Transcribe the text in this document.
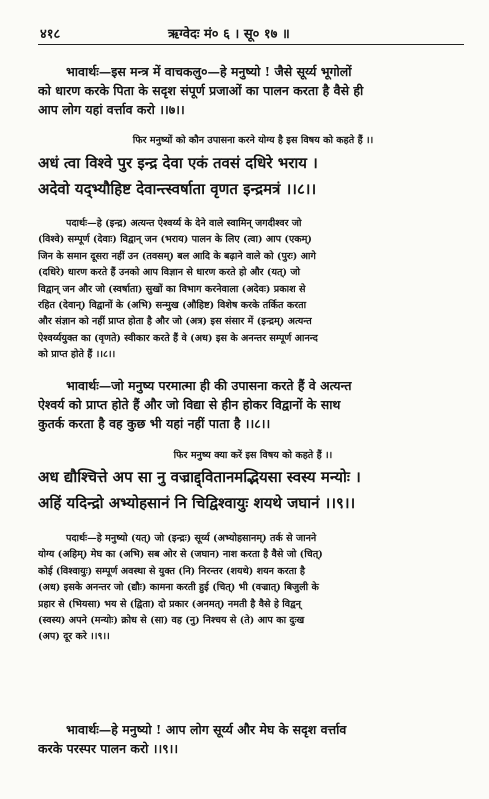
४१८	ऋग्वेदः मं० ६ । सू० १७ ॥
भावार्थः—इस मन्त्र में वाचकलु०—हे मनुष्यो ! जैसे सूर्य्य भूगोलों
को धारण करके पिता के सदृश संपूर्ण प्रजाओं का पालन करता है वैसे ही
आप लोग यहां वर्त्ताव करो ।।७।।
फिर मनुष्यों को कौन उपासना करने योग्य है इस विषय को कहते हैं ।।
अधं त्वा विश्वे पुर इन्द्र देवा एकं तवसं दधिरे भराय ।
अदेवो यद्भ्यौहिष्ट देवान्त्स्वर्षाता वृणत इन्द्रमत्रं ।।८।।
पदार्थः—हे (इन्द्र) अत्यन्त ऐश्वर्य्य के देने वाले स्वामिन् जगदीश्वर जो
(विश्वे) सम्पूर्ण (देवाः) विद्वान् जन (भराय) पालन के लिए (त्वा) आप (एकम्)
जिन के समान दूसरा नहीं उन (तवसम्) बल आदि के बढ़ाने वाले को (पुरः) आगे
(दधिरे) धारण करते हैं उनको आप विज्ञान से धारण करते हो और (यत्) जो
विद्वान् जन और जो (स्वर्षाता) सुखों का विभाग करनेवाला (अदेवः) प्रकाश से
रहित (देवान्) विद्वानों के (अभि) सन्मुख (औहिष्ट) विशेष करके तर्कित करता
और संज्ञान को नहीं प्राप्त होता है और जो (अत्र) इस संसार में (इन्द्रम्) अत्यन्त
ऐश्वर्य्ययुक्त का (वृणते) स्वीकार करते हैं वे (अध) इस के अनन्तर सम्पूर्ण आनन्द
को प्राप्त होते हैं ।।८।।
भावार्थः—जो मनुष्य परमात्मा ही की उपासना करते हैं वे अत्यन्त
ऐश्वर्य को प्राप्त होते हैं और जो विद्या से हीन होकर विद्वानों के साथ
कुतर्क करता है वह कुछ भी यहां नहीं पाता है ।।८।।
फिर मनुष्य क्या करें इस विषय को कहते हैं ।।
अध द्यौश्चित्ते अप सा नु वज्राद्द्वितानमद्भियसा स्वस्य मन्योः ।
अहिं यदिन्द्रो अभ्योहसानं नि चिद्विश्वायुः शयथे जघानं ।।९।।
पदार्थः—हे मनुष्यो (यत्) जो (इन्द्रः) सूर्य्य (अभ्योहसानम्) तर्क से जानने
योग्य (अहिम्) मेघ का (अभि) सब ओर से (जघान) नाश करता है वैसे जो (चित्)
कोई (विश्वायुः) सम्पूर्ण अवस्था से युक्त (नि) निरन्तर (शयथे) शयन करता है
(अध) इसके अनन्तर जो (द्यौः) कामना करती हुई (चित्) भी (वज्रात्) बिजुली के
प्रहार से (भियसा) भय से (द्विता) दो प्रकार (अनमत्) नमती है वैसे हे विद्वन्
(स्वस्य) अपने (मन्योः) क्रोध से (सा) वह (नु) निश्चय से (ते) आप का दुःख
(अप) दूर करे ।।९।।
भावार्थः—हे मनुष्यो ! आप लोग सूर्य्य और मेघ के सदृश वर्त्ताव
करके परस्पर पालन करो ।।९।।
